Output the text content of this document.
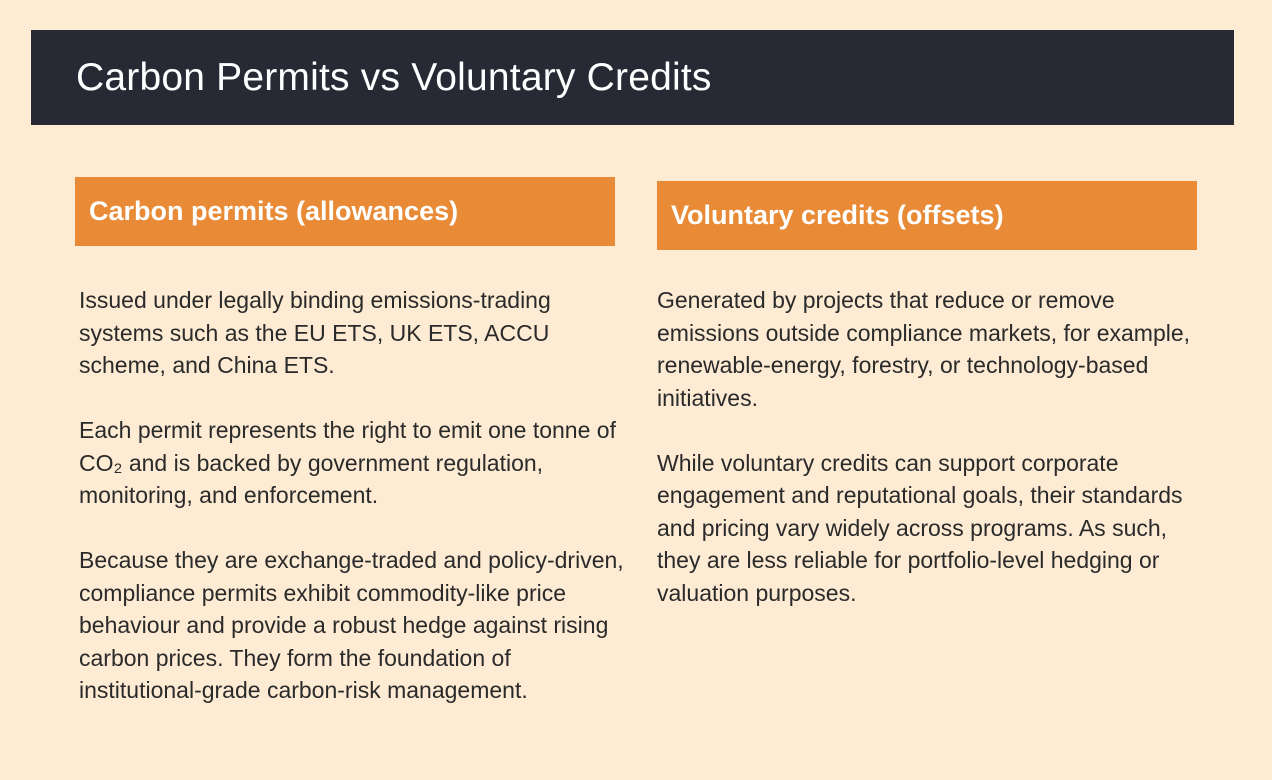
Carbon Permits vs Voluntary Credits
Carbon permits (allowances)	Voluntary credits (offsets)

Issued under legally binding emissions-trading systems such as the EU ETS, UK ETS, ACCU scheme, and China ETS.

Each permit represents the right to emit one tonne of CO₂ and is backed by government regulation, monitoring, and enforcement.

Because they are exchange-traded and policy-driven, compliance permits exhibit commodity-like price behaviour and provide a robust hedge against rising carbon prices. They form the foundation of institutional-grade carbon-risk management.

Generated by projects that reduce or remove emissions outside compliance markets, for example, renewable-energy, forestry, or technology-based initiatives.

While voluntary credits can support corporate engagement and reputational goals, their standards and pricing vary widely across programs. As such, they are less reliable for portfolio-level hedging or valuation purposes.
